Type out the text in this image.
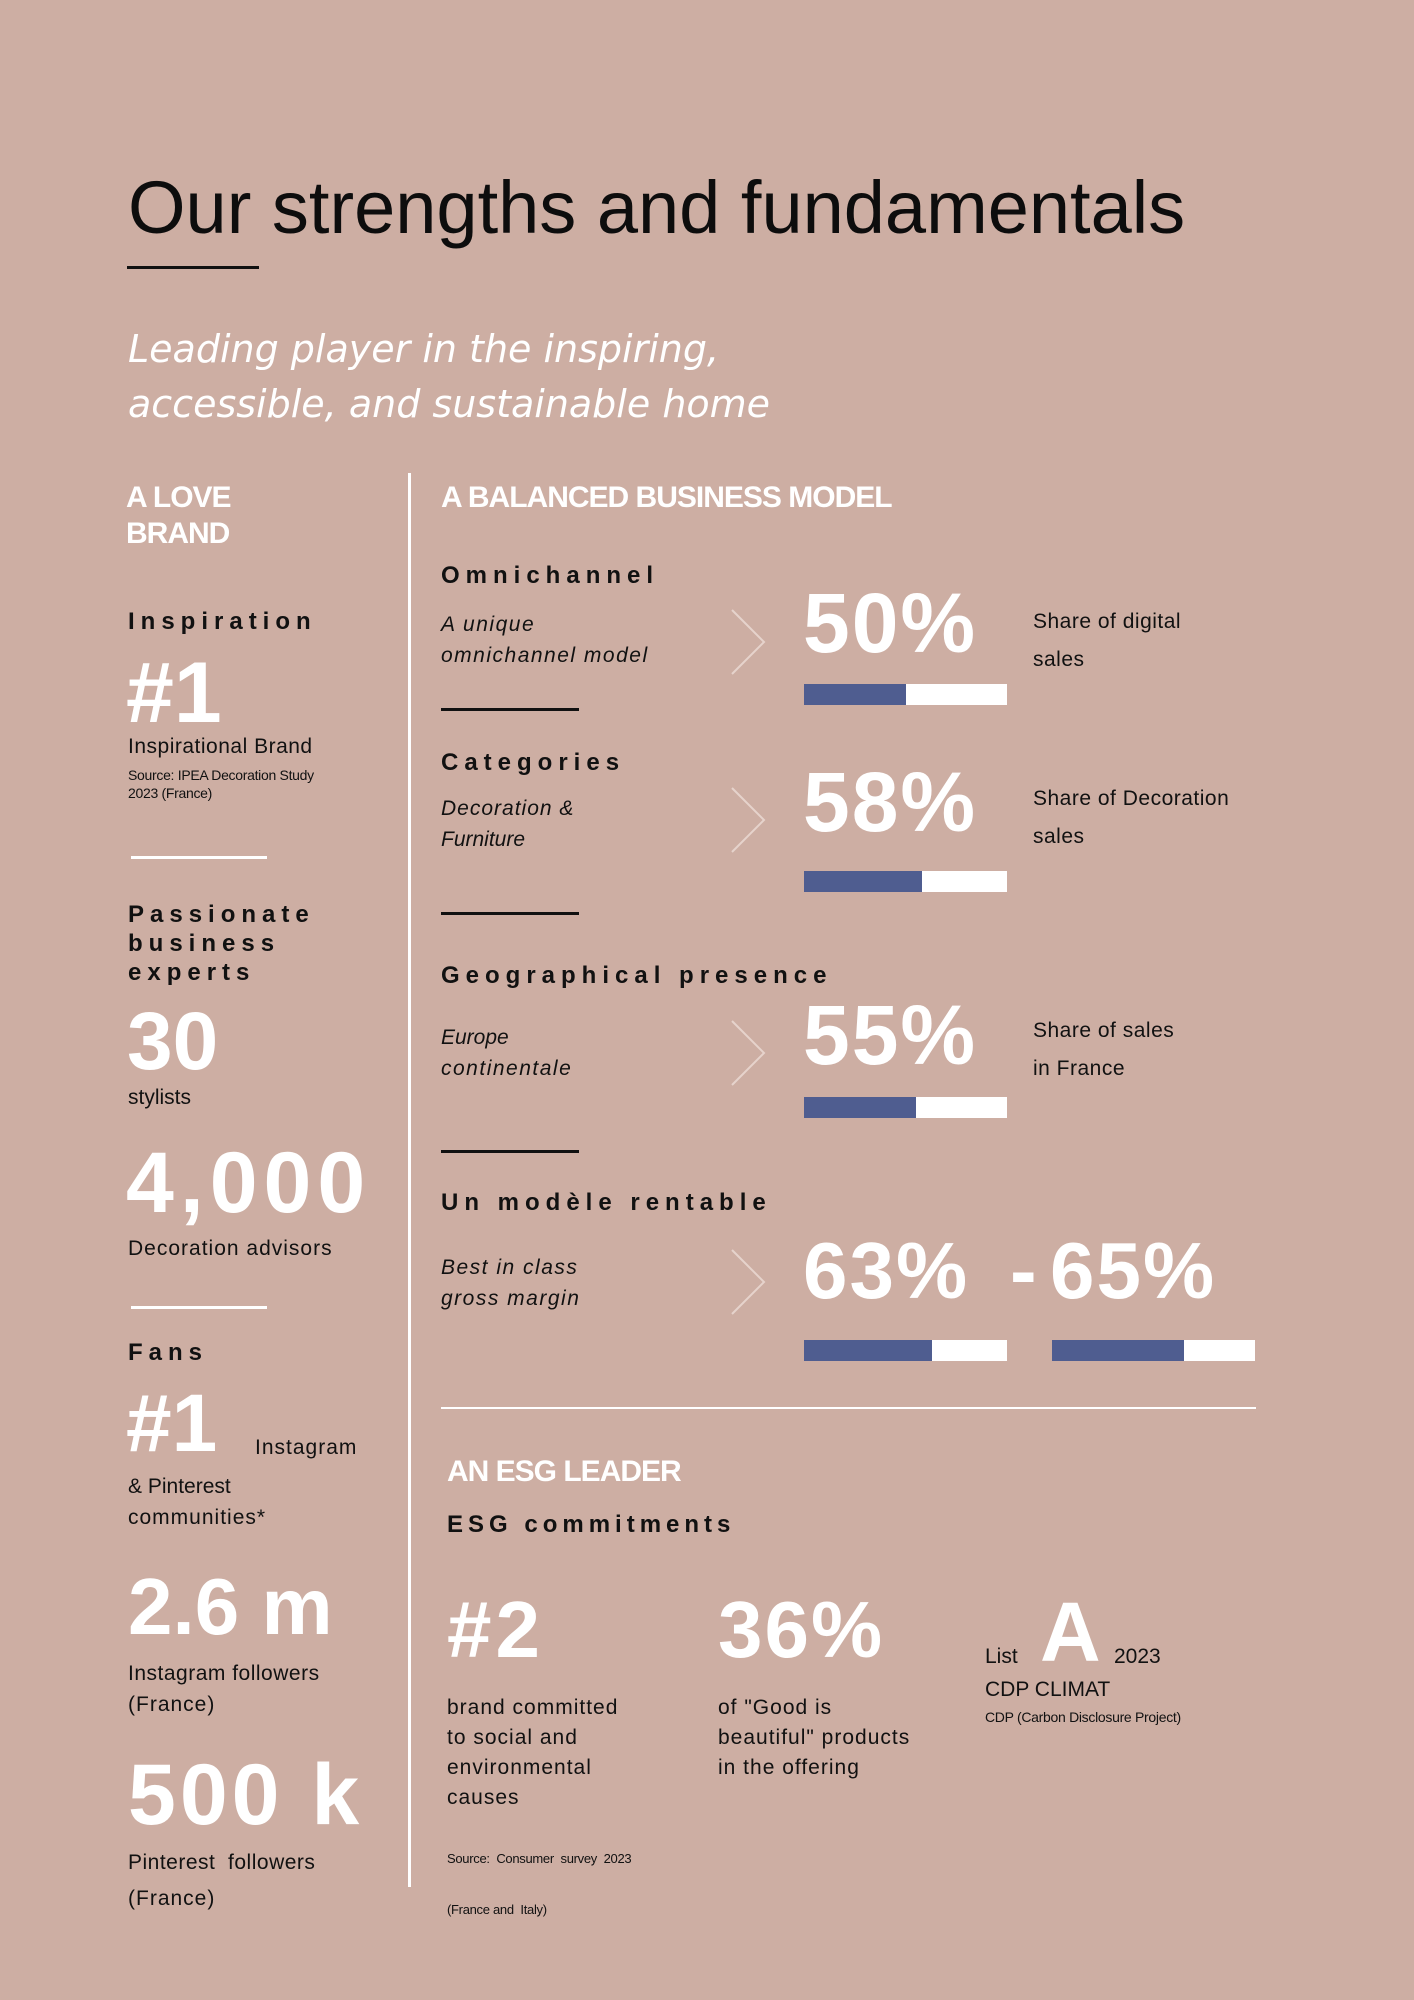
Our strengths and fundamentals
Leading player in the inspiring,
accessible, and sustainable home
A LOVE
BRAND
Inspiration
#1
Inspirational Brand
Source: IPEA Decoration Study
2023 (France)
Passionate
business
experts
30
stylists
4,000
Decoration advisors
Fans
#1 Instagram
& Pinterest
communities*
2.6 m
Instagram followers
(France)
500 k
Pinterest  followers
(France)
A BALANCED BUSINESS MODEL
Omnichannel
A unique
omnichannel model 50%	Share of digital
sales
Categories
Decoration &
Furniture	58%	Share of Decoration
sales
Geographical presence
Europe
continentale	55%	Share of sales
in France
Un modèle rentable
Best in class
gross margin	63% - 65%
AN ESG LEADER
ESG commitments
#2
brand committed
to social and
environmental
causes

Source:  Consumer  survey  2023

(France and  Italy)

36%
of "Good is
beautiful" products
in the offering
List A 2023
CDP CLIMAT
CDP (Carbon Disclosure Project)
